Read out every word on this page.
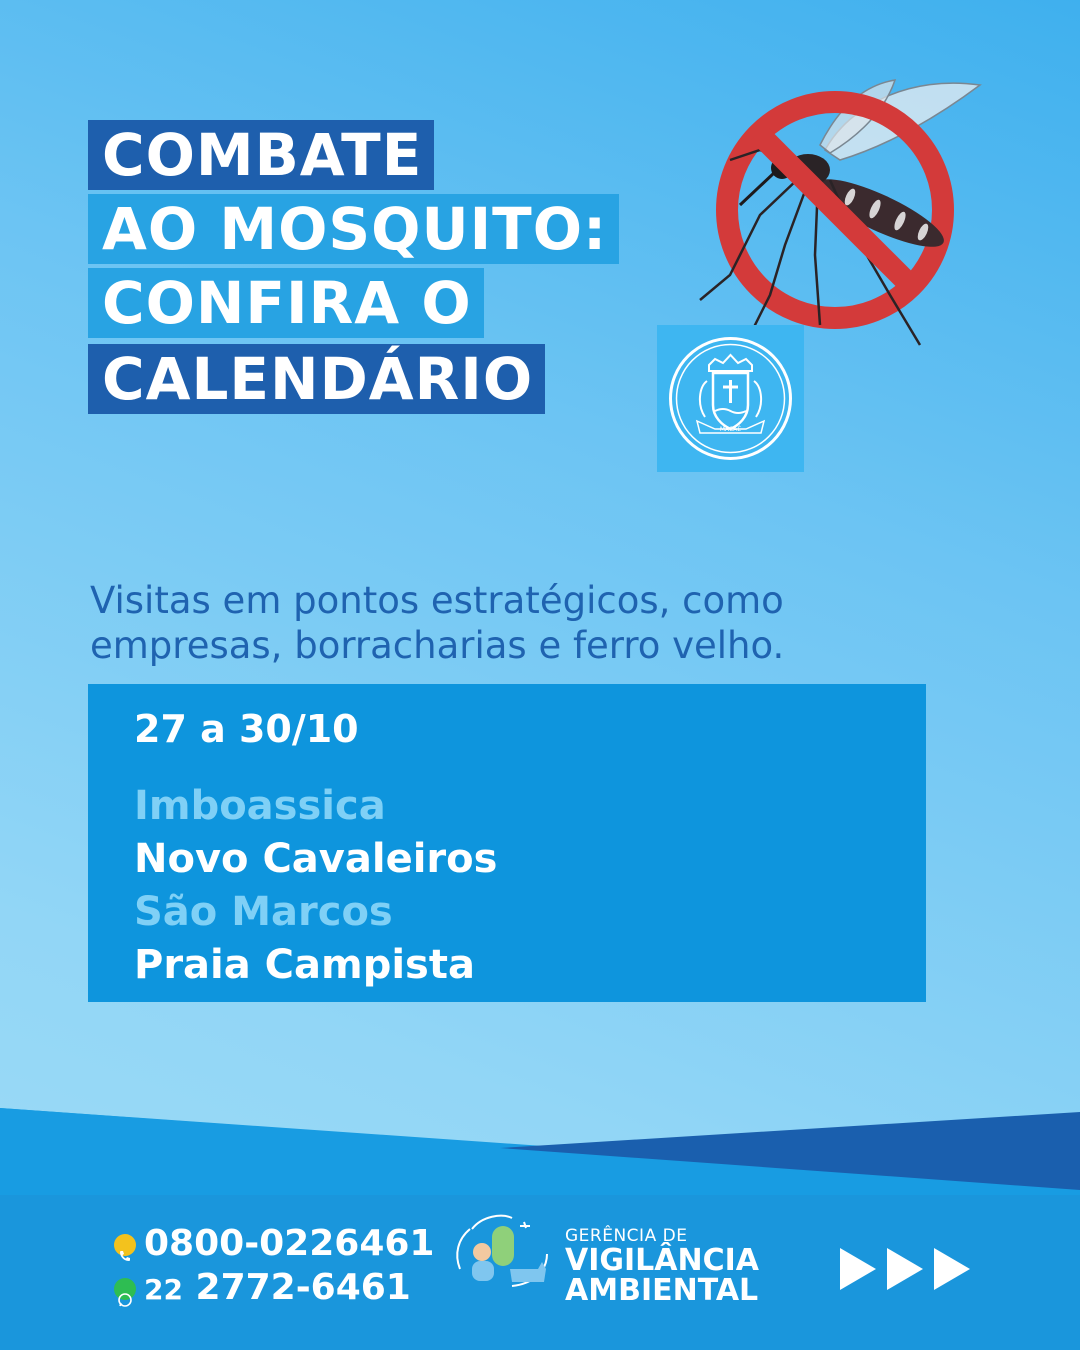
COMBATE
AO MOSQUITO:
CONFIRA O
CALENDÁRIO
MACAÉ
Visitas em pontos estratégicos, como empresas, borracharias e ferro velho.
27 a 30/10
Imboassica
Novo Cavaleiros
São Marcos
Praia Campista
0800-0226461
22 2772-6461
GERÊNCIA DE
VIGILÂNCIA
AMBIENTAL
